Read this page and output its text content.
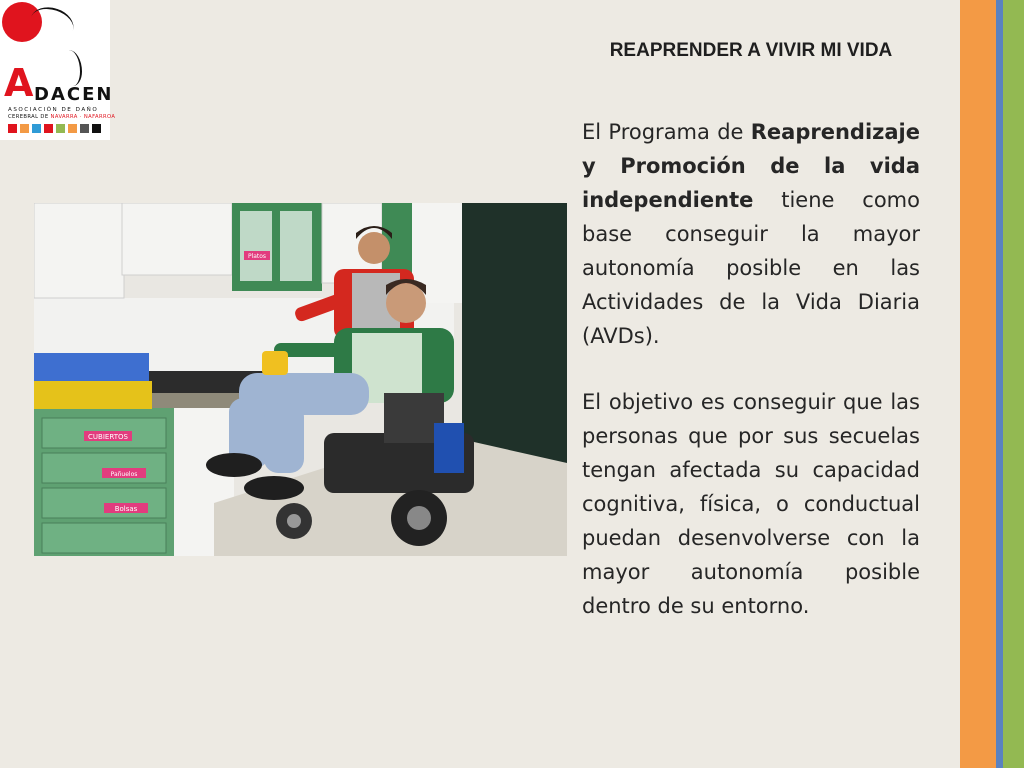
A DACEN
ASOCIACIÓN DE DAÑO
CEREBRAL DE NAVARRA · NAFARROA
REAPRENDER A VIVIR MI VIDA
CUBIERTOS
Bolsas
Pañuelos
Platos

El Programa de Reaprendizaje y Promoción de la vida independiente tiene como base conseguir la mayor autonomía posible en las Actividades de la Vida Diaria (AVDs).

El objetivo es conseguir que las personas que por sus secuelas tengan afectada su capacidad cognitiva, física, o conductual puedan desenvolverse con la mayor autonomía posible dentro de su entorno.
